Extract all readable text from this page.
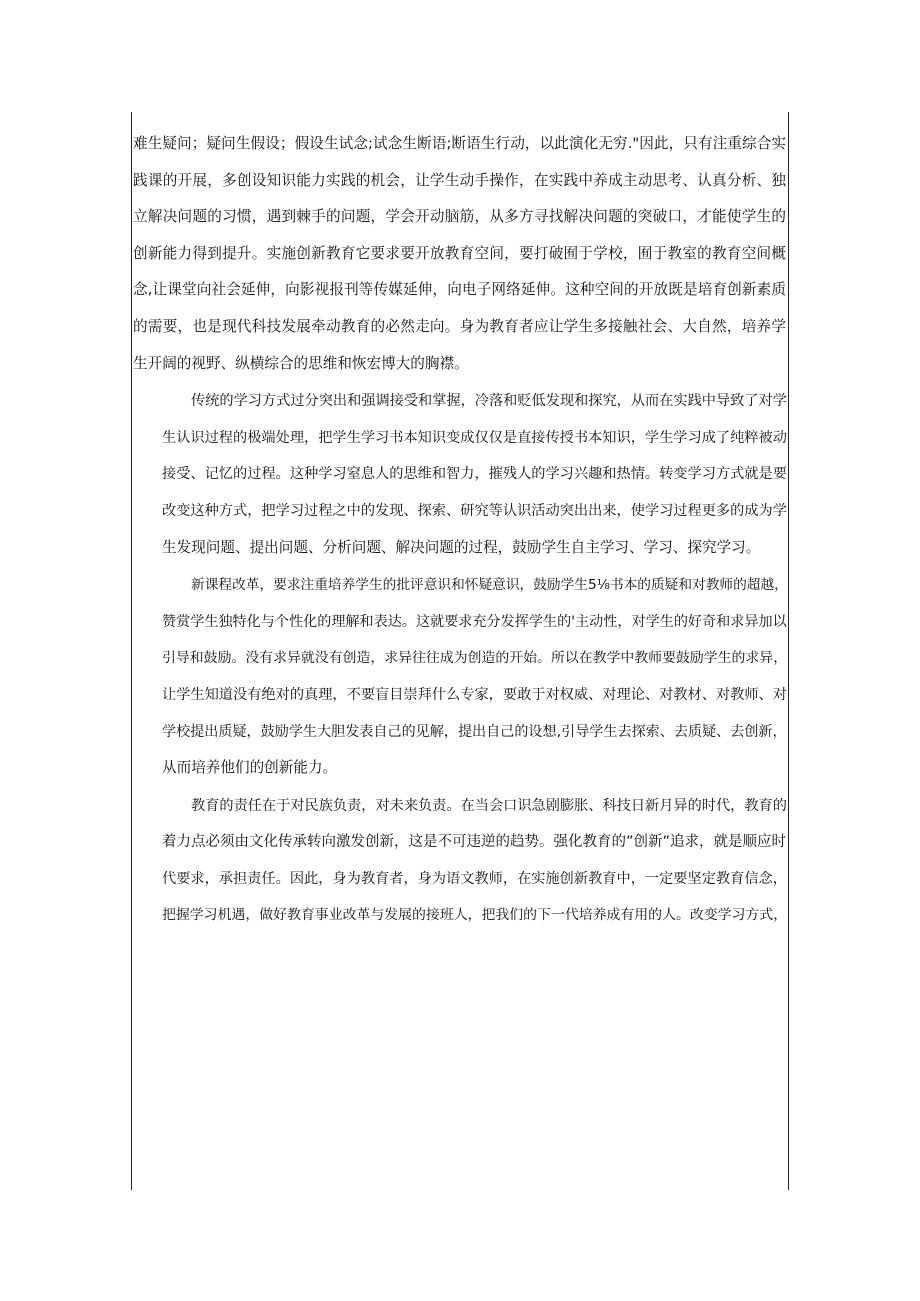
难生疑问；疑问生假设；假设生试念;试念生断语;断语生行动，以此演化无穷."因此，只有注重综合实
践课的开展，多创设知识能力实践的机会，让学生动手操作，在实践中养成主动思考、认真分析、独
立解决问题的习惯，遇到棘手的问题，学会开动脑筋，从多方寻找解决问题的突破口，才能使学生的
创新能力得到提升。实施创新教育它要求要开放教育空间，要打破囿于学校，囿于教室的教育空间概
念,让课堂向社会延伸，向影视报刊等传媒延伸，向电子网络延伸。这种空间的开放既是培育创新素质
的需要，也是现代科技发展牵动教育的必然走向。身为教育者应让学生多接触社会、大自然，培养学
生开阔的视野、纵横综合的思维和恢宏博大的胸襟。
传统的学习方式过分突出和强调接受和掌握，冷落和贬低发现和探究，从而在实践中导致了对学
生认识过程的极端处理，把学生学习书本知识变成仅仅是直接传授书本知识，学生学习成了纯粹被动
接受、记忆的过程。这种学习窒息人的思维和智力，摧残人的学习兴趣和热情。转变学习方式就是要
改变这种方式，把学习过程之中的发现、探索、研究等认识活动突出出来，使学习过程更多的成为学
生发现问题、提出问题、分析问题、解决问题的过程，鼓励学生自主学习、学习、探究学习。
新课程改革，要求注重培养学生的批评意识和怀疑意识，鼓励学生5⅛书本的质疑和对教师的超越，
赞赏学生独特化与个性化的理解和表达。这就要求充分发挥学生的'主动性，对学生的好奇和求异加以
引导和鼓励。没有求异就没有创造，求异往往成为创造的开始。所以在教学中教师要鼓励学生的求异，
让学生知道没有绝对的真理，不要盲目崇拜什么专家，要敢于对权威、对理论、对教材、对教师、对
学校提出质疑，鼓励学生大胆发表自己的见解，提出自己的设想,引导学生去探索、去质疑、去创新，
从而培养他们的创新能力。
教育的责任在于对民族负责，对未来负责。在当会口识急剧膨胀、科技日新月异的时代，教育的
着力点必须由文化传承转向激发创新，这是不可违逆的趋势。强化教育的”创新”追求，就是顺应时
代要求，承担责任。因此，身为教育者，身为语文教师，在实施创新教育中，一定要坚定教育信念，
把握学习机遇，做好教育事业改革与发展的接班人，把我们的下一代培养成有用的人。改变学习方式，
